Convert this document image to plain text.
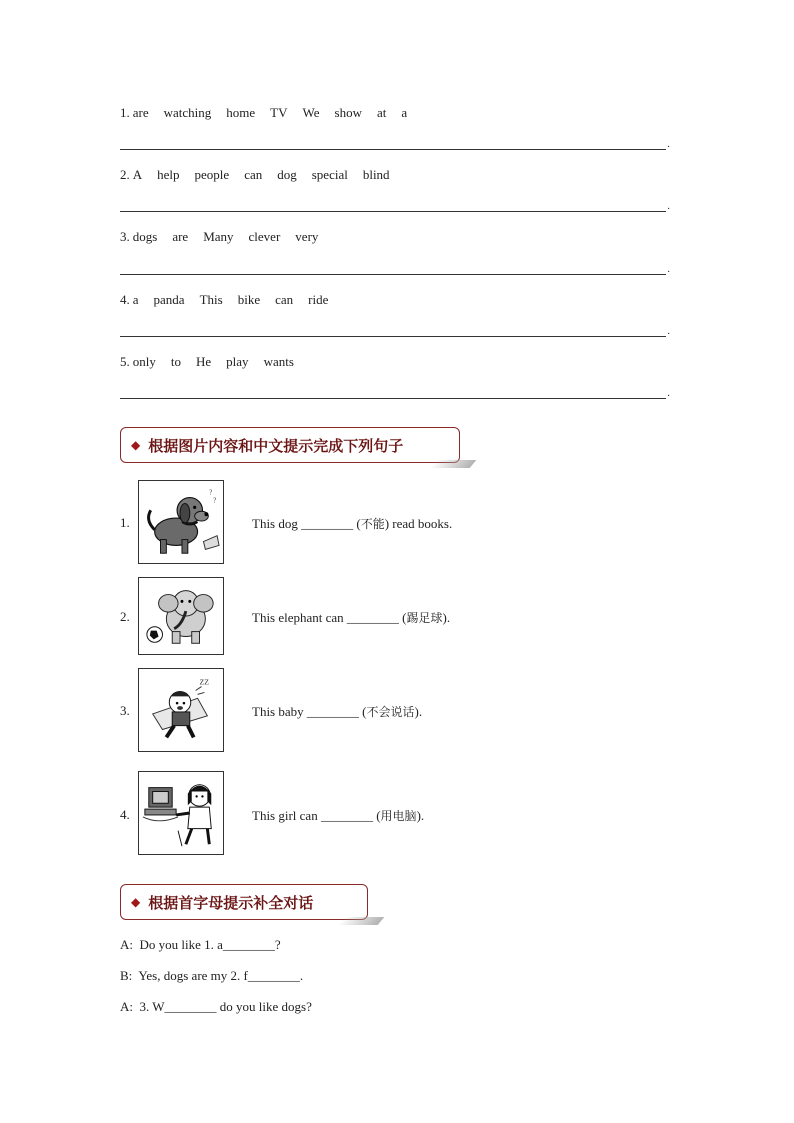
1. are watching home TV We show at a
.
2. A help people can dog special blind
.
3. dogs are Many clever very
.
4. a panda This bike can ride
.
5. only to He play wants
.
◆ 根据图片内容和中文提示完成下列句子
1.
?
?
This dog ________ (不能) read books.
2.	This elephant can ________ (踢足球).
3.
ZZ
This baby ________ (不会说话).
4.	This girl can ________ (用电脑).
◆ 根据首字母提示补全对话
A: Do you like 1. a________?
B: Yes, dogs are my 2. f________.
A: 3. W________ do you like dogs?
